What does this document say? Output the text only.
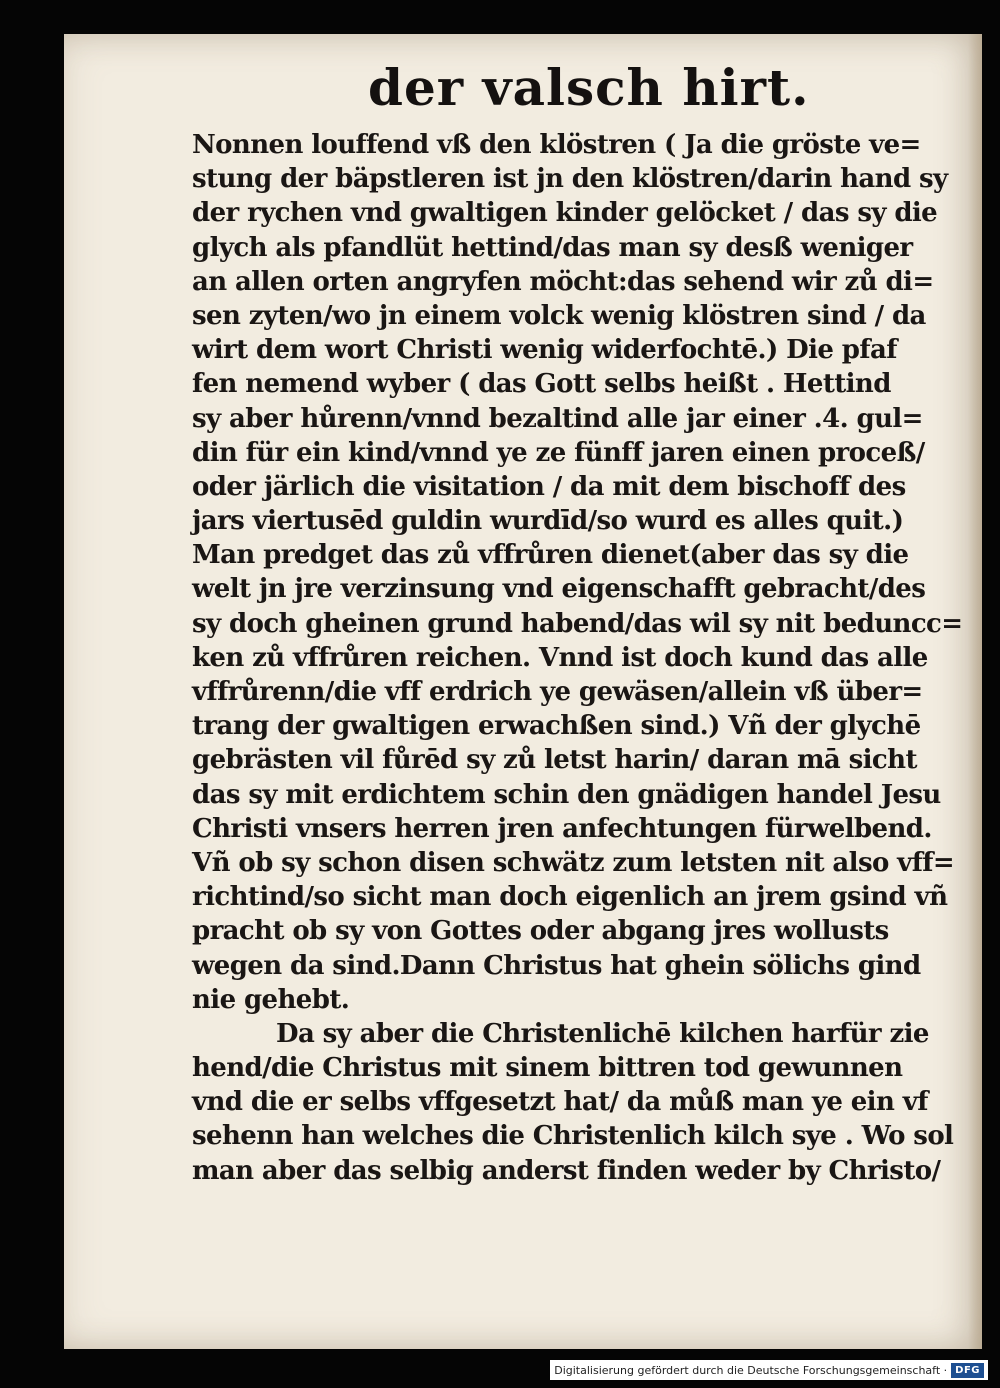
der valsch hirt.
Nonnen louffend vß den klöstren ( Ja die gröste ve=
stung der bäpstleren ist jn den klöstren/darin hand sy
der rychen vnd gwaltigen kinder gelöcket / das sy die
glych als pfandlüt hettind/das man sy desß weniger
an allen orten angryfen möcht:das sehend wir zů di=
sen zyten/wo jn einem volck wenig klöstren sind / da
wirt dem wort Christi wenig widerfochtē.) Die pfaf
fen nemend wyber ( das Gott selbs heißt . Hettind
sy aber hůrenn/vnnd bezaltind alle jar einer .4. gul=
din für ein kind/vnnd ye ze fünff jaren einen proceß/
oder järlich die visitation / da mit dem bischoff des
jars viertusēd guldin wurdīd/so wurd es alles quit.)
Man predget das zů vffrůren dienet(aber das sy die
welt jn jre verzinsung vnd eigenschafft gebracht/des
sy doch gheinen grund habend/das wil sy nit beduncc=
ken zů vffrůren reichen. Vnnd ist doch kund das alle
vffrůrenn/die vff erdrich ye gewäsen/allein vß über=
trang der gwaltigen erwachßen sind.) Vñ der glychē
gebrästen vil fůrēd sy zů letst harin/ daran mā sicht
das sy mit erdichtem schin den gnädigen handel Jesu
Christi vnsers herren jren anfechtungen fürwelbend.
Vñ ob sy schon disen schwätz zum letsten nit also vff=
richtind/so sicht man doch eigenlich an jrem gsind vñ
pracht ob sy von Gottes oder abgang jres wollusts
wegen da sind.Dann Christus hat ghein sölichs gind
nie gehebt.
Da sy aber die Christenlichē kilchen harfür zie
hend/die Christus mit sinem bittren tod gewunnen
vnd die er selbs vffgesetzt hat/ da můß man ye ein vf
sehenn han welches die Christenlich kilch sye . Wo sol
man aber das selbig anderst finden weder by Christo/
Digitalisierung gefördert durch die Deutsche Forschungsgemeinschaft · DFG
